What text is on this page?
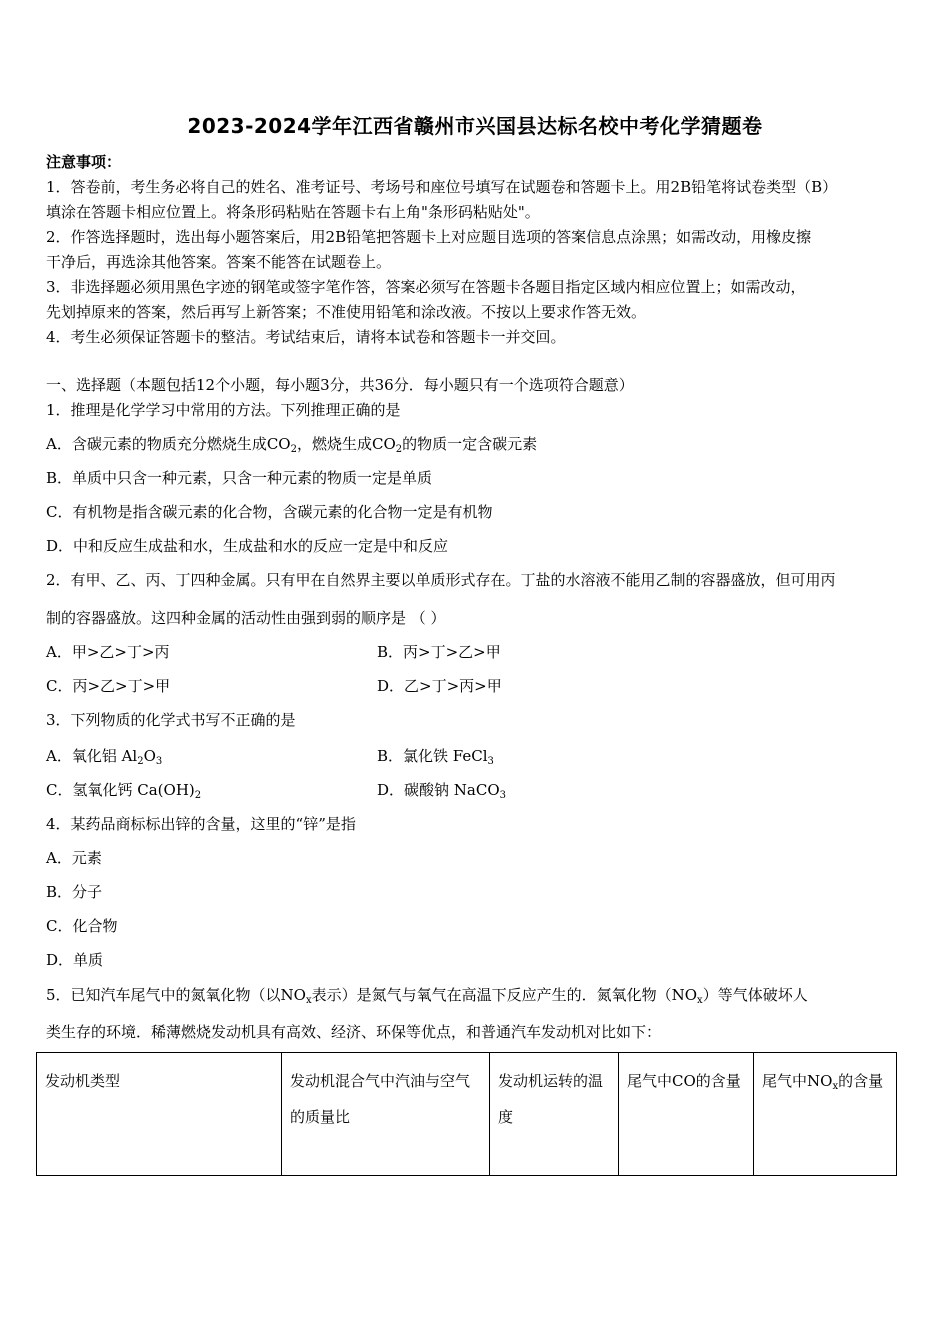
2023-2024学年江西省赣州市兴国县达标名校中考化学猜题卷
注意事项：
1．答卷前，考生务必将自己的姓名、准考证号、考场号和座位号填写在试题卷和答题卡上。用2B铅笔将试卷类型（B）
填涂在答题卡相应位置上。将条形码粘贴在答题卡右上角"条形码粘贴处"。
2．作答选择题时，选出每小题答案后，用2B铅笔把答题卡上对应题目选项的答案信息点涂黑；如需改动，用橡皮擦
干净后，再选涂其他答案。答案不能答在试题卷上。
3．非选择题必须用黑色字迹的钢笔或签字笔作答，答案必须写在答题卡各题目指定区域内相应位置上；如需改动，
先划掉原来的答案，然后再写上新答案；不准使用铅笔和涂改液。不按以上要求作答无效。
4．考生必须保证答题卡的整洁。考试结束后，请将本试卷和答题卡一并交回。
一、选择题（本题包括12个小题，每小题3分，共36分．每小题只有一个选项符合题意）
1．推理是化学学习中常用的方法。下列推理正确的是
A．含碳元素的物质充分燃烧生成$CO_2$，燃烧生成$CO_2$的物质一定含碳元素
B．单质中只含一种元素，只含一种元素的物质一定是单质
C．有机物是指含碳元素的化合物，含碳元素的化合物一定是有机物
D．中和反应生成盐和水，生成盐和水的反应一定是中和反应
2．有甲、乙、丙、丁四种金属。只有甲在自然界主要以单质形式存在。丁盐的水溶液不能用乙制的容器盛放，但可用丙
制的容器盛放。这四种金属的活动性由强到弱的顺序是 （ ）
A．甲>乙>丁>丙	B．丙>丁>乙>甲
C．丙>乙>丁>甲	D．乙>丁>丙>甲
3．下列物质的化学式书写不正确的是
A．氧化铝 $Al_2O_3$	B．氯化铁 FeCl$_3$
C．氢氧化钙 $Ca(OH)_2$	D．碳酸钠 NaCO$_3$
4．某药品商标标出锌的含量，这里的“锌”是指
A．元素
B．分子
C．化合物
D．单质
5．已知汽车尾气中的氮氧化物（以$NO_x$表示）是氮气与氧气在高温下反应产生的．氮氧化物$(NO_x)$等气体破坏人
类生存的环境．稀薄燃烧发动机具有高效、经济、环保等优点，和普通汽车发动机对比如下：
发动机类型	发动机混合气中汽油与空气的质量比	发动机运转的温度	尾气中CO的含量	尾气中$NO_x$的含量
